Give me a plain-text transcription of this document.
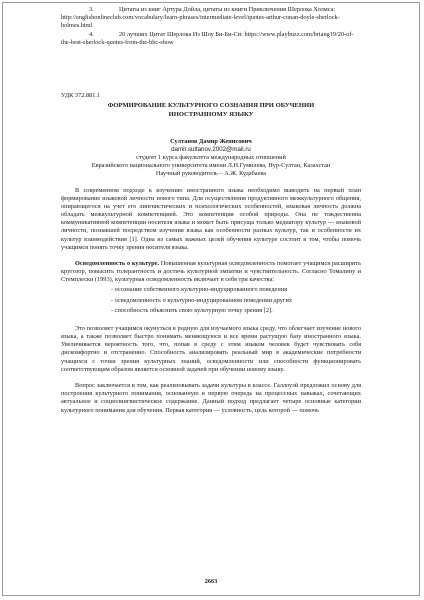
3.	Цитаты из книг Артура Дойла, цитаты из книги Приключения Шерлока Холмса: http://englishonlineclub.com/vocabulary/learn-phrases/intermediate-level/quotes-arthur-conan-doyle-sherlock-holmes.html

4.	20 лучших Цитат Шерлока Из Шоу Би-Би-Си: https://www.playbuzz.com/briang19/20-of-the-best-sherlock-quotes-from-the-bbc-show

УДК 372.881.1
ФОРМИРОВАНИЕ КУЛЬТУРНОГО СОЗНАНИЯ ПРИ ОБУЧЕНИИ
ИНОСТРАННОМУ ЯЗЫКУ
Султанов Дамир Женисович
damir.sultanov.2002@mail.ru
студент 1 курса факультета международных отношений
Евразийского национального университета имени Л.Н.Гумилева, Нур-Султан, Казахстан
Научный руководитель – А.Ж. Кудабаева

В современном подходе к изучению иностранного языка необходимо выводить на первый план формирование языковой личности нового типа. Для осуществления продуктивного межкультурного общения, опирающегося на учет его лингвистических и психологических особенностей, языковая личность должна обладать межкультурной компетенцией. Это компетенция особой природы. Она не тождественна коммуникативной компетенции носителя языка и может быть присуща только медиатору культур — языковой личности, познавшей посредством изучения языка как особенности разных культур, так и особенности их культур взаимодействия [1]. Одна из самых важных целей обучения культуре состоит в том, чтобы помочь учащимся понять точку зрения носителя языка.

Осведомленность о культуре. Повышенная культурная осведомленность помогает учащимся расширить кругозор, повысить толерантность и достичь культурной эмпатии и чувствительность. Согласно Томалину и Стемплески (1993), культурная осведомленность включает в себя три качества:

- осознание собственного культурно-индуцированного поведения
- осведомленность о культурно-индуцированном поведении других
- способность объяснить свою культурную точку зрения [2].

Это позволяет учащимся окунуться в родную для изучаемого языка среду, что облегчает изучение нового языка, а также позволяет быстро понимать меняющуюся и все время растущую базу иностранного языка. Увеличивается вероятность того, что, попав в среду с этим языком человек будет чувствовать себя дискомфортно и отстраненно. Способность анализировать реальный мир в академические потребности учащихся с точки зрения культурных знаний, осведомленности или способности функционировать соответствующим образом является основной задачей при обучении новому языку.

Вопрос заключается в том, как реализовывать задачи культуры в классе. Галлоуэй предложил основу для построения культурного понимания, основанную в первую очередь на процессных навыках, сочетающих актуальное и социолингвистическое содержание. Данный подход предлагает четыре основные категории культурного понимания для обучения. Первая категория — условность, цель которой — помочь

2663
